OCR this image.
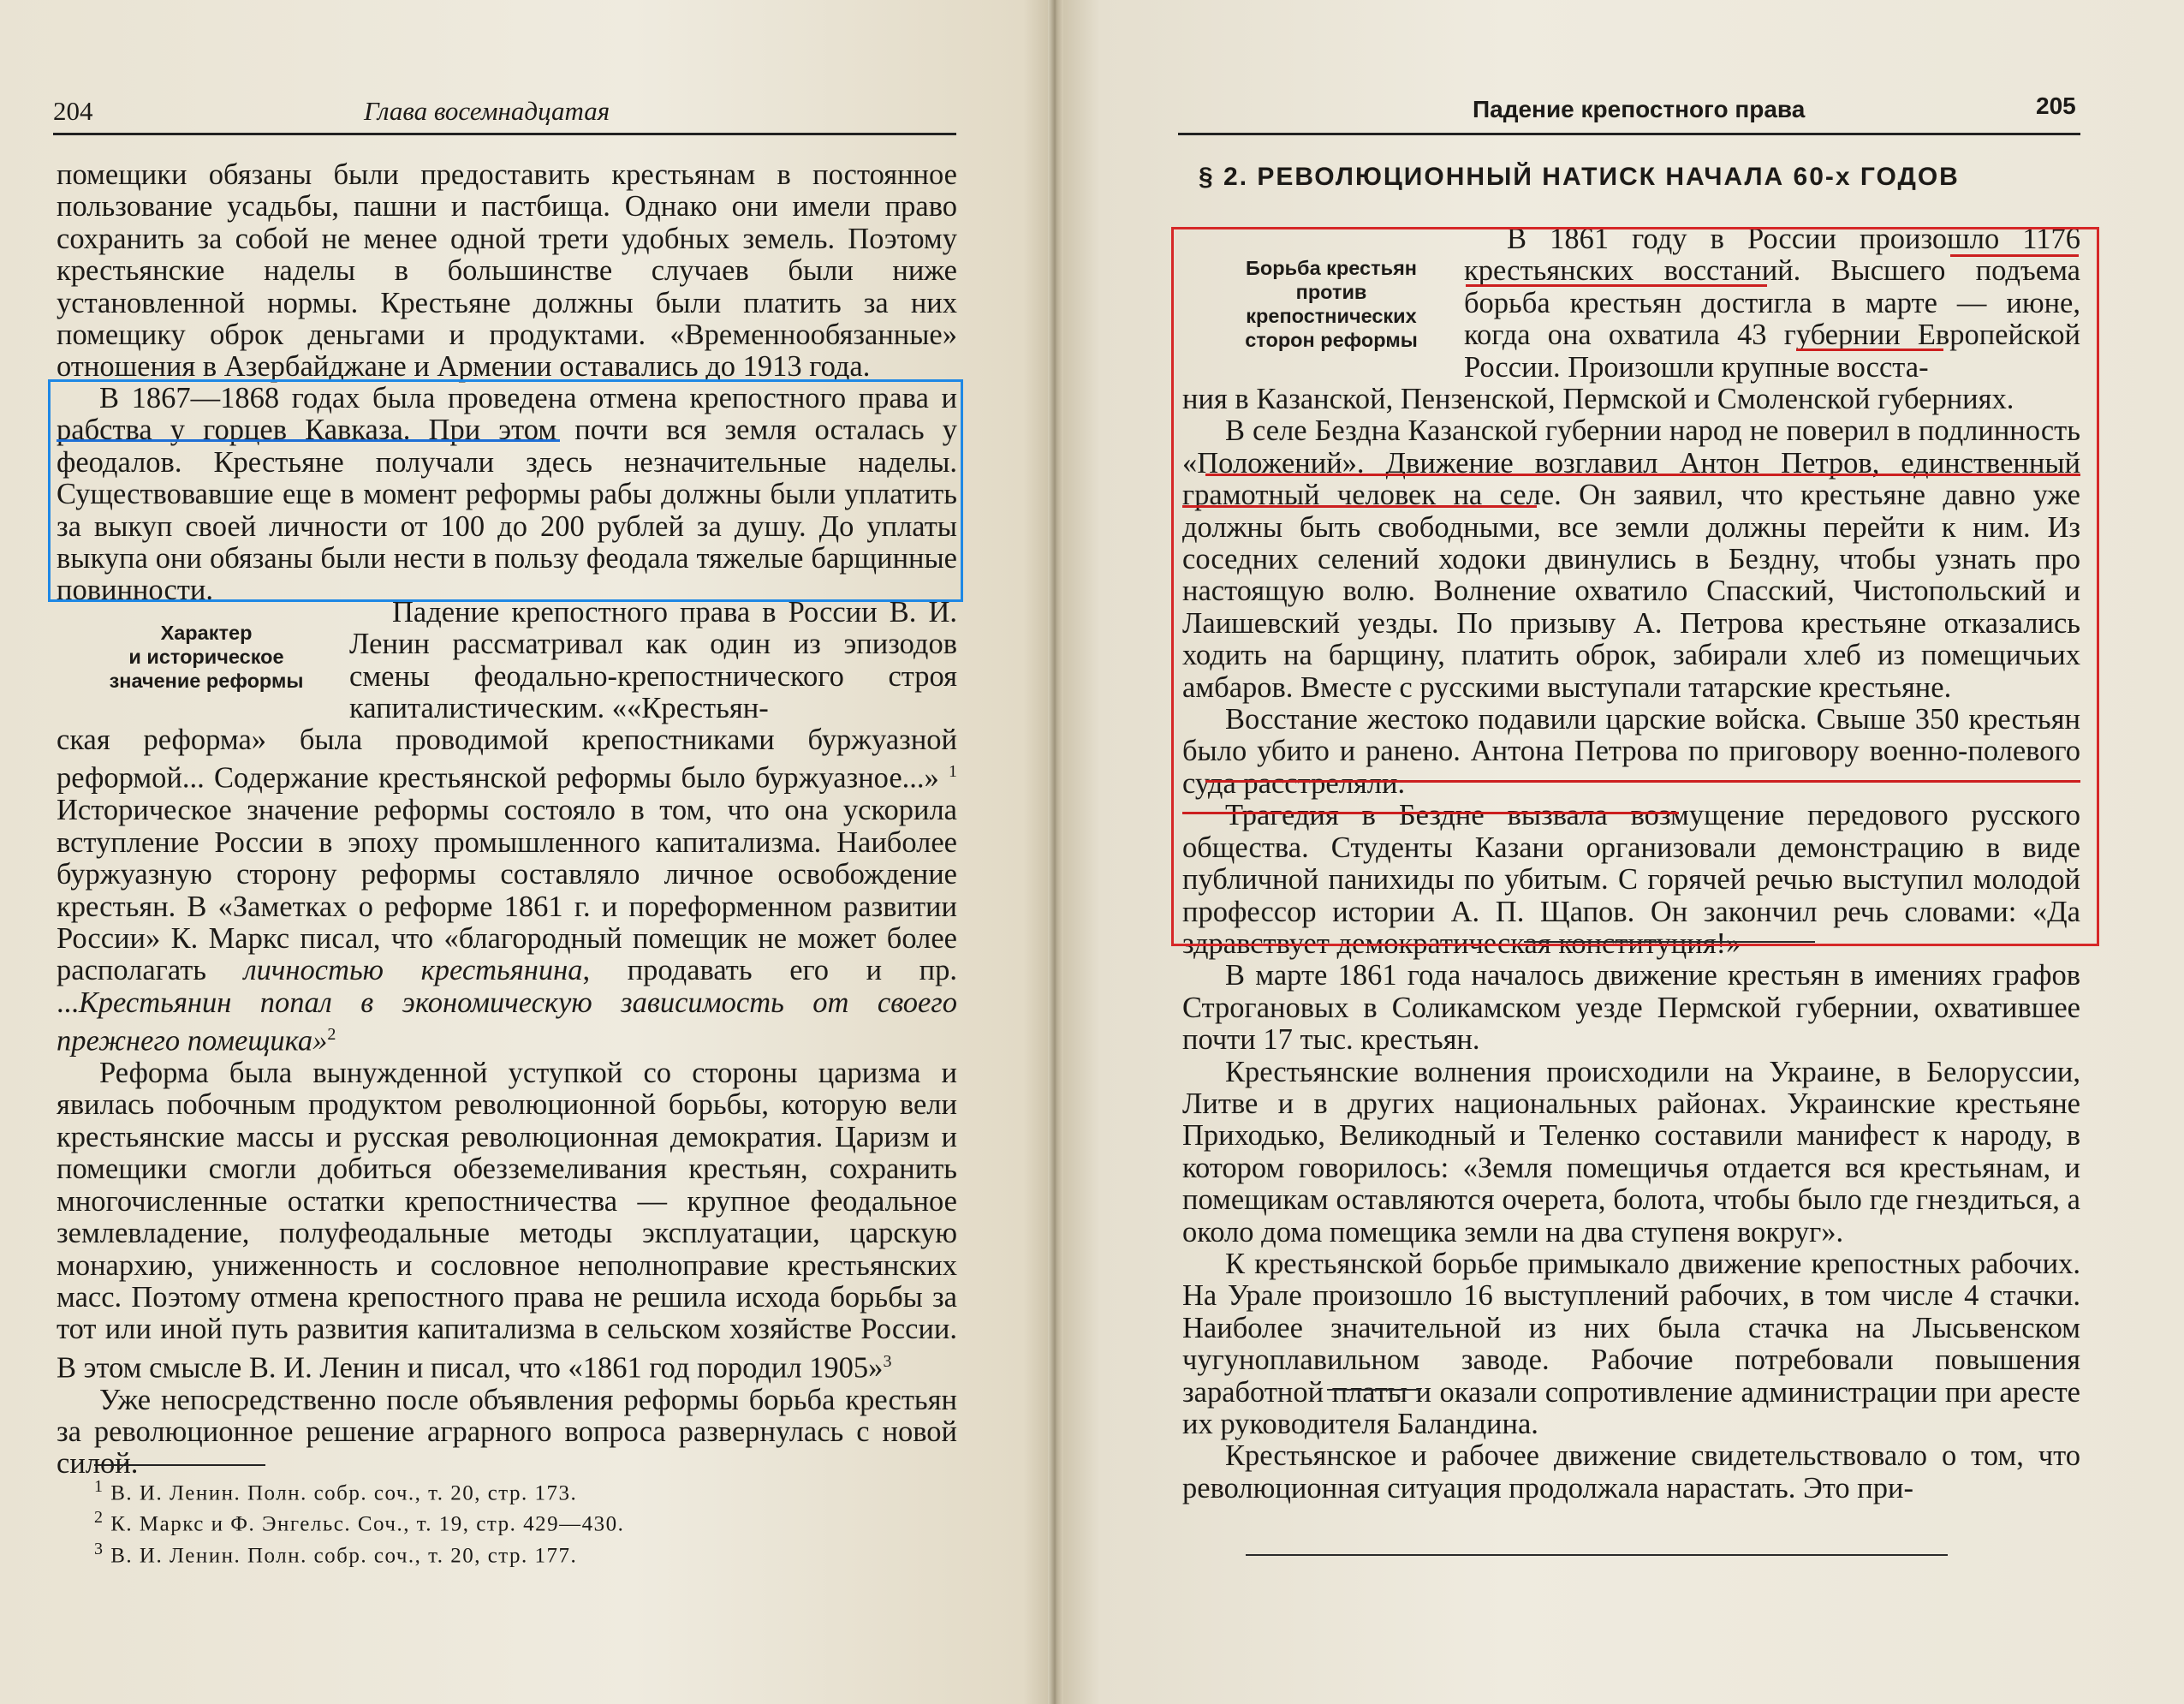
204	Глава восемнадцатая

помещики обязаны были предоставить крестьянам в постоянное пользование усадьбы, пашни и пастбища. Однако они имели право сохранить за собой не менее одной трети удобных земель. Поэтому крестьянские наделы в большинстве случаев были ниже установленной нормы. Крестьяне должны были платить за них помещику оброк деньгами и продуктами. «Временнообязанные» отношения в Азербайджане и Армении оставались до 1913 года.

В 1867—1868 годах была проведена отмена крепостного права и рабства у горцев Кавказа. При этом почти вся земля осталась у феодалов. Крестьяне получали здесь незначительные наделы. Существовавшие еще в момент реформы рабы должны были уплатить за выкуп своей личности от 100 до 200 рублей за душу. До уплаты выкупа они обязаны были нести в пользу феодала тяжелые барщинные повинности.

Характер
и историческое
значение реформы

Падение крепостного права в России В. И. Ленин рассматривал как один из эпизодов смены феодально-крепостнического строя капиталистическим. ««Крестьян-

ская реформа» была проводимой крепостниками буржуазной реформой... Содержание крестьянской реформы было буржуазное...» $^1$ Историческое значение реформы состояло в том, что она ускорила вступление России в эпоху промышленного капитализма. Наиболее буржуазную сторону реформы составляло личное освобождение крестьян. В «Заметках о реформе 1861 г. и пореформенном развитии России» К. Маркс писал, что «благородный помещик не может более располагать личностью крестьянина, продавать его и пр. ...Крестьянин попал в экономическую зависимость от своего прежнего помещика»$^2$

Реформа была вынужденной уступкой со стороны царизма и явилась побочным продуктом революционной борьбы, которую вели крестьянские массы и русская революционная демократия. Царизм и помещики смогли добиться обезземеливания крестьян, сохранить многочисленные остатки крепостничества — крупное феодальное землевладение, полуфеодальные методы эксплуатации, царскую монархию, униженность и сословное неполноправие крестьянских масс. Поэтому отмена крепостного права не решила исхода борьбы за тот или иной путь развития капитализма в сельском хозяйстве России. В этом смысле В. И. Ленин и писал, что «1861 год породил 1905»$^3$

Уже непосредственно после объявления реформы борьба крестьян за революционное решение аграрного вопроса развернулась с новой силой.

$^1$ В. И. Ленин. Полн. собр. соч., т. 20, стр. 173.
$^2$ К. Маркс и Ф. Энгельс. Соч., т. 19, стр. 429—430.
$^3$ В. И. Ленин. Полн. собр. соч., т. 20, стр. 177.
Падение крепостного права	205
§ 2. РЕВОЛЮЦИОННЫЙ НАТИСК НАЧАЛА 60-х ГОДОВ
Борьба крестьян
против
крепостнических
сторон реформы

В 1861 году в России произошло 1176 крестьянских восстаний. Высшего подъема борьба крестьян достигла в марте — июне, когда она охватила 43 губернии Европейской России. Произошли крупные восста-

ния в Казанской, Пензенской, Пермской и Смоленской губерниях.

В селе Бездна Казанской губернии народ не поверил в подлинность «Положений». Движение возглавил Антон Петров, единственный грамотный человек на селе. Он заявил, что крестьяне давно уже должны быть свободными, все земли должны перейти к ним. Из соседних селений ходоки двинулись в Бездну, чтобы узнать про настоящую волю. Волнение охватило Спасский, Чистопольский и Лаишевский уезды. По призыву А. Петрова крестьяне отказались ходить на барщину, платить оброк, забирали хлеб из помещичьих амбаров. Вместе с русскими выступали татарские крестьяне.

Восстание жестоко подавили царские войска. Свыше 350 крестьян было убито и ранено. Антона Петрова по приговору военно-полевого суда расстреляли.

Трагедия в Бездне вызвала возмущение передового русского общества. Студенты Казани организовали демонстрацию в виде публичной панихиды по убитым. С горячей речью выступил молодой профессор истории А. П. Щапов. Он закончил речь словами: «Да здравствует демократическая конституция!»

В марте 1861 года началось движение крестьян в имениях графов Строгановых в Соликамском уезде Пермской губернии, охватившее почти 17 тыс. крестьян.

Крестьянские волнения происходили на Украине, в Белоруссии, Литве и в других национальных районах. Украинские крестьяне Приходько, Великодный и Теленко составили манифест к народу, в котором говорилось: «Земля помещичья отдается вся крестьянам, и помещикам оставляются очерета, болота, чтобы было где гнездиться, а около дома помещика земли на два ступеня вокруг».

К крестьянской борьбе примыкало движение крепостных рабочих. На Урале произошло 16 выступлений рабочих, в том числе 4 стачки. Наиболее значительной из них была стачка на Лысьвенском чугуноплавильном заводе. Рабочие потребовали повышения заработной платы и оказали сопротивление администрации при аресте их руководителя Баландина.

Крестьянское и рабочее движение свидетельствовало о том, что революционная ситуация продолжала нарастать. Это при-
